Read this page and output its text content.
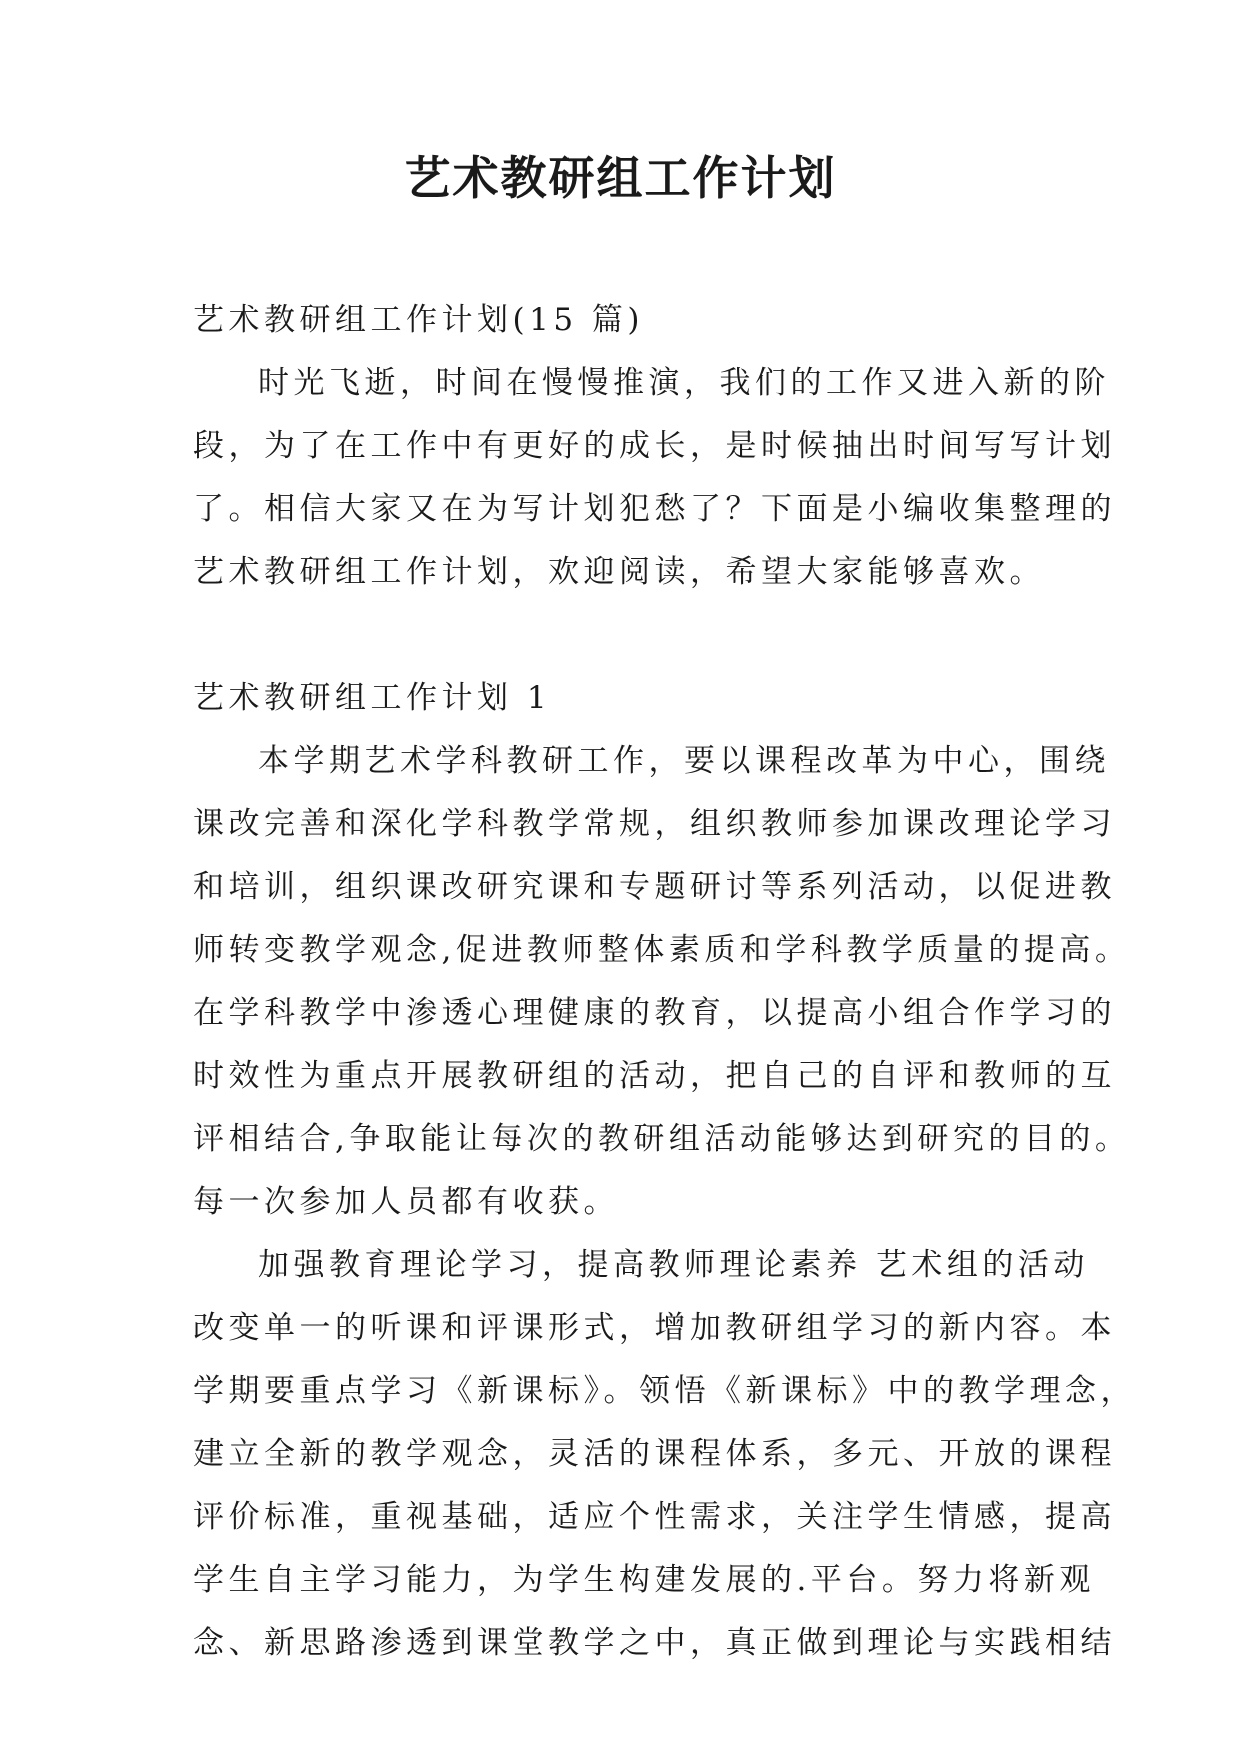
艺术教研组工作计划
艺术教研组工作计划(15 篇)
时光飞逝，时间在慢慢推演，我们的工作又进入新的阶
段，为了在工作中有更好的成长，是时候抽出时间写写计划
了。相信大家又在为写计划犯愁了？下面是小编收集整理的
艺术教研组工作计划，欢迎阅读，希望大家能够喜欢。
艺术教研组工作计划 1
本学期艺术学科教研工作，要以课程改革为中心，围绕
课改完善和深化学科教学常规，组织教师参加课改理论学习
和培训，组织课改研究课和专题研讨等系列活动，以促进教
师转变教学观念,促进教师整体素质和学科教学质量的提高。
在学科教学中渗透心理健康的教育，以提高小组合作学习的
时效性为重点开展教研组的活动，把自己的自评和教师的互
评相结合,争取能让每次的教研组活动能够达到研究的目的。
每一次参加人员都有收获。
加强教育理论学习，提高教师理论素养 艺术组的活动
改变单一的听课和评课形式，增加教研组学习的新内容。本
学期要重点学习《新课标》。领悟《新课标》中的教学理念，
建立全新的教学观念，灵活的课程体系，多元、开放的课程
评价标准，重视基础，适应个性需求，关注学生情感，提高
学生自主学习能力，为学生构建发展的.平台。努力将新观
念、新思路渗透到课堂教学之中，真正做到理论与实践相结
